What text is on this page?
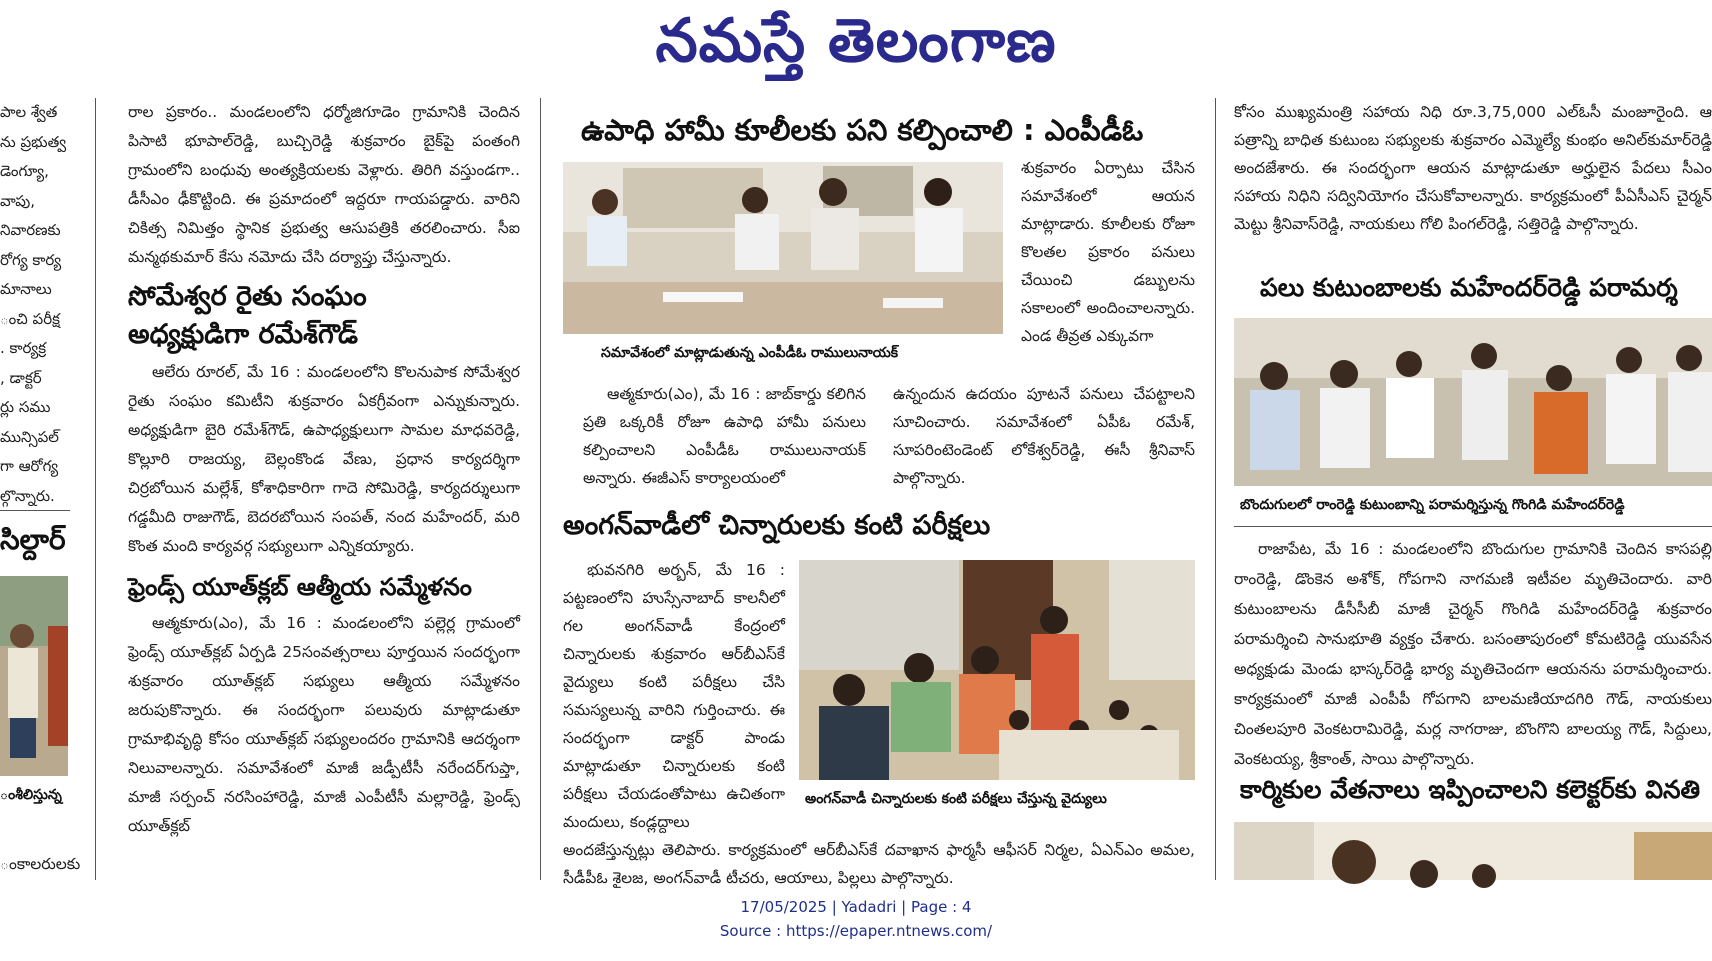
నమస్తే తెలంగాణ
పాల శ్వేత
ను ప్రభుత్వ
డెంగ్యూ,
వాపు,
నివారణకు
రోగ్య కార్య
మానాలు
ంచి పరీక్ష
. కార్యక్ర
, డాక్టర్
ర్లు సము
మున్సిపల్
గా ఆరోగ్య
ల్గొన్నారు.
సిల్దార్
ంశీలిస్తున్న
ంకాలరులకు

రాల ప్రకారం.. మండలంలోని ధర్మోజిగూడెం గ్రామానికి చెందిన పిసాటి భూపాల్‌రెడ్డి, బుచ్చిరెడ్డి శుక్రవారం బైక్‌పై పంతంగి గ్రామంలోని బంధువు అంత్యక్రియలకు వెళ్లారు. తిరిగి వస్తుండగా.. డీసీఎం ఢీకొట్టింది. ఈ ప్రమాదంలో ఇద్దరూ గాయపడ్డారు. వారిని చికిత్స నిమిత్తం స్థానిక ప్రభుత్వ ఆసుపత్రికి తరలించారు. సీఐ మన్మథకుమార్ కేసు నమోదు చేసి దర్యాప్తు చేస్తున్నారు.

సోమేశ్వర రైతు సంఘం
అధ్యక్షుడిగా రమేశ్‌గౌడ్

ఆలేరు రూరల్, మే 16 : మండలంలోని కొలనుపాక సోమేశ్వర రైతు సంఘం కమిటీని శుక్రవారం ఏకగ్రీవంగా ఎన్నుకున్నారు. అధ్యక్షుడిగా బైరి రమేశ్‌గౌడ్, ఉపాధ్యక్షులుగా సామల మాధవరెడ్డి, కొల్లూరి రాజయ్య, బెల్లంకొండ వేణు, ప్రధాన కార్యదర్శిగా చిర్రబోయిన మల్లేశ్, కోశాధికారిగా గాదె సోమిరెడ్డి, కార్యదర్శులుగా గడ్డమీది రాజుగౌడ్, బెదరబోయిన సంపత్, నంద మహేందర్, మరి కొంత మంది కార్యవర్గ సభ్యులుగా ఎన్నికయ్యారు.

ఫ్రెండ్స్ యూత్‌క్లబ్ ఆత్మీయ సమ్మేళనం

ఆత్మకూరు(ఎం), మే 16 : మండలంలోని పల్లెర్ల గ్రామంలో ఫ్రెండ్స్ యూత్‌క్లబ్ ఏర్పడి 25సంవత్సరాలు పూర్తయిన సందర్భంగా శుక్రవారం యూత్‌క్లబ్ సభ్యులు ఆత్మీయ సమ్మేళనం జరుపుకొన్నారు. ఈ సందర్భంగా పలువురు మాట్లాడుతూ గ్రామాభివృద్ధి కోసం యూత్‌క్లబ్ సభ్యులందరం గ్రామానికి ఆదర్శంగా నిలువాలన్నారు. సమావేశంలో మాజీ జడ్పీటీసీ నరేందర్‌గుప్తా, మాజీ సర్పంచ్ నరసింహారెడ్డి, మాజీ ఎంపీటీసీ మల్లారెడ్డి, ఫ్రెండ్స్ యూత్‌క్లబ్

ఉపాధి హామీ కూలీలకు పని కల్పించాలి : ఎంపీడీఓ
సమావేశంలో మాట్లాడుతున్న ఎంపీడీఓ రాములునాయక్

శుక్రవారం ఏర్పాటు చేసిన సమావేశంలో ఆయన మాట్లాడారు. కూలీలకు రోజూ కొలతల ప్రకారం పనులు చేయించి డబ్బులను సకాలంలో అందించాలన్నారు. ఎండ తీవ్రత ఎక్కువగా

ఆత్మకూరు(ఎం), మే 16 : జాబ్‌కార్డు కలిగిన ప్రతి ఒక్కరికీ రోజూ ఉపాధి హామీ పనులు కల్పించాలని ఎంపీడీఓ రాములునాయక్ అన్నారు. ఈజీఎస్ కార్యాలయంలో

ఉన్నందున ఉదయం పూటనే పనులు చేపట్టాలని సూచించారు. సమావేశంలో ఏపీఓ రమేశ్, సూపరింటెండెంట్ లోకేశ్వర్‌రెడ్డి, ఈసీ శ్రీనివాస్ పాల్గొన్నారు.

అంగన్‌వాడీలో చిన్నారులకు కంటి పరీక్షలు

భువనగిరి అర్బన్, మే 16 : పట్టణంలోని హుస్సేనాబాద్ కాలనీలో గల అంగన్‌వాడీ కేంద్రంలో చిన్నారులకు శుక్రవారం ఆర్‌బీఎస్‌కే వైద్యులు కంటి పరీక్షలు చేసి సమస్యలున్న వారిని గుర్తించారు. ఈ సందర్భంగా డాక్టర్ పాండు మాట్లాడుతూ చిన్నారులకు కంటి పరీక్షలు చేయడంతోపాటు ఉచితంగా మందులు, కండ్లద్దాలు

అంగన్‌వాడీ చిన్నారులకు కంటి పరీక్షలు చేస్తున్న వైద్యులు

అందజేస్తున్నట్లు తెలిపారు. కార్యక్రమంలో ఆర్‌బీఎస్‌కే దవాఖాన ఫార్మసీ ఆఫీసర్ నిర్మల, ఏఎన్‌ఎం అమల, సీడీపీఓ శైలజ, అంగన్‌వాడీ టీచరు, ఆయాలు, పిల్లలు పాల్గొన్నారు.

కోసం ముఖ్యమంత్రి సహాయ నిధి రూ.3,75,000 ఎల్‌ఓసీ మంజూరైంది. ఆ పత్రాన్ని బాధిత కుటుంబ సభ్యులకు శుక్రవారం ఎమ్మెల్యే కుంభం అనిల్‌కుమార్‌రెడ్డి అందజేశారు. ఈ సందర్భంగా ఆయన మాట్లాడుతూ అర్హులైన పేదలు సీఎం సహాయ నిధిని సద్వినియోగం చేసుకోవాలన్నారు. కార్యక్రమంలో పీఏసీఎస్ చైర్మన్ మెట్టు శ్రీనివాస్‌రెడ్డి, నాయకులు గోలి పింగల్‌రెడ్డి, సత్తిరెడ్డి పాల్గొన్నారు.

పలు కుటుంబాలకు మహేందర్‌రెడ్డి పరామర్శ
బొందుగులలో రాంరెడ్డి కుటుంబాన్ని పరామర్శిస్తున్న గొంగిడి మహేందర్‌రెడ్డి

రాజాపేట, మే 16 : మండలంలోని బొందుగుల గ్రామానికి చెందిన కాసపల్లి రాంరెడ్డి, డొంకెన అశోక్, గోపగాని నాగమణి ఇటీవల మృతిచెందారు. వారి కుటుంబాలను డీసీసీబీ మాజీ చైర్మన్ గొంగిడి మహేందర్‌రెడ్డి శుక్రవారం పరామర్శించి సానుభూతి వ్యక్తం చేశారు. బసంతాపురంలో కోమటిరెడ్డి యువసేన అధ్యక్షుడు మెండు భాస్కర్‌రెడ్డి భార్య మృతిచెందగా ఆయనను పరామర్శించారు. కార్యక్రమంలో మాజీ ఎంపీపీ గోపగాని బాలమణియాదగిరి గౌడ్, నాయకులు చింతలపూరి వెంకటరామిరెడ్డి, మర్ల నాగరాజు, బొంగొని బాలయ్య గౌడ్, సిద్దులు, వెంకటయ్య, శ్రీకాంత్, సాయి పాల్గొన్నారు.

కార్మికుల వేతనాలు ఇప్పించాలని కలెక్టర్‌కు వినతి
17/05/2025 | Yadadri | Page : 4
Source : https://epaper.ntnews.com/
